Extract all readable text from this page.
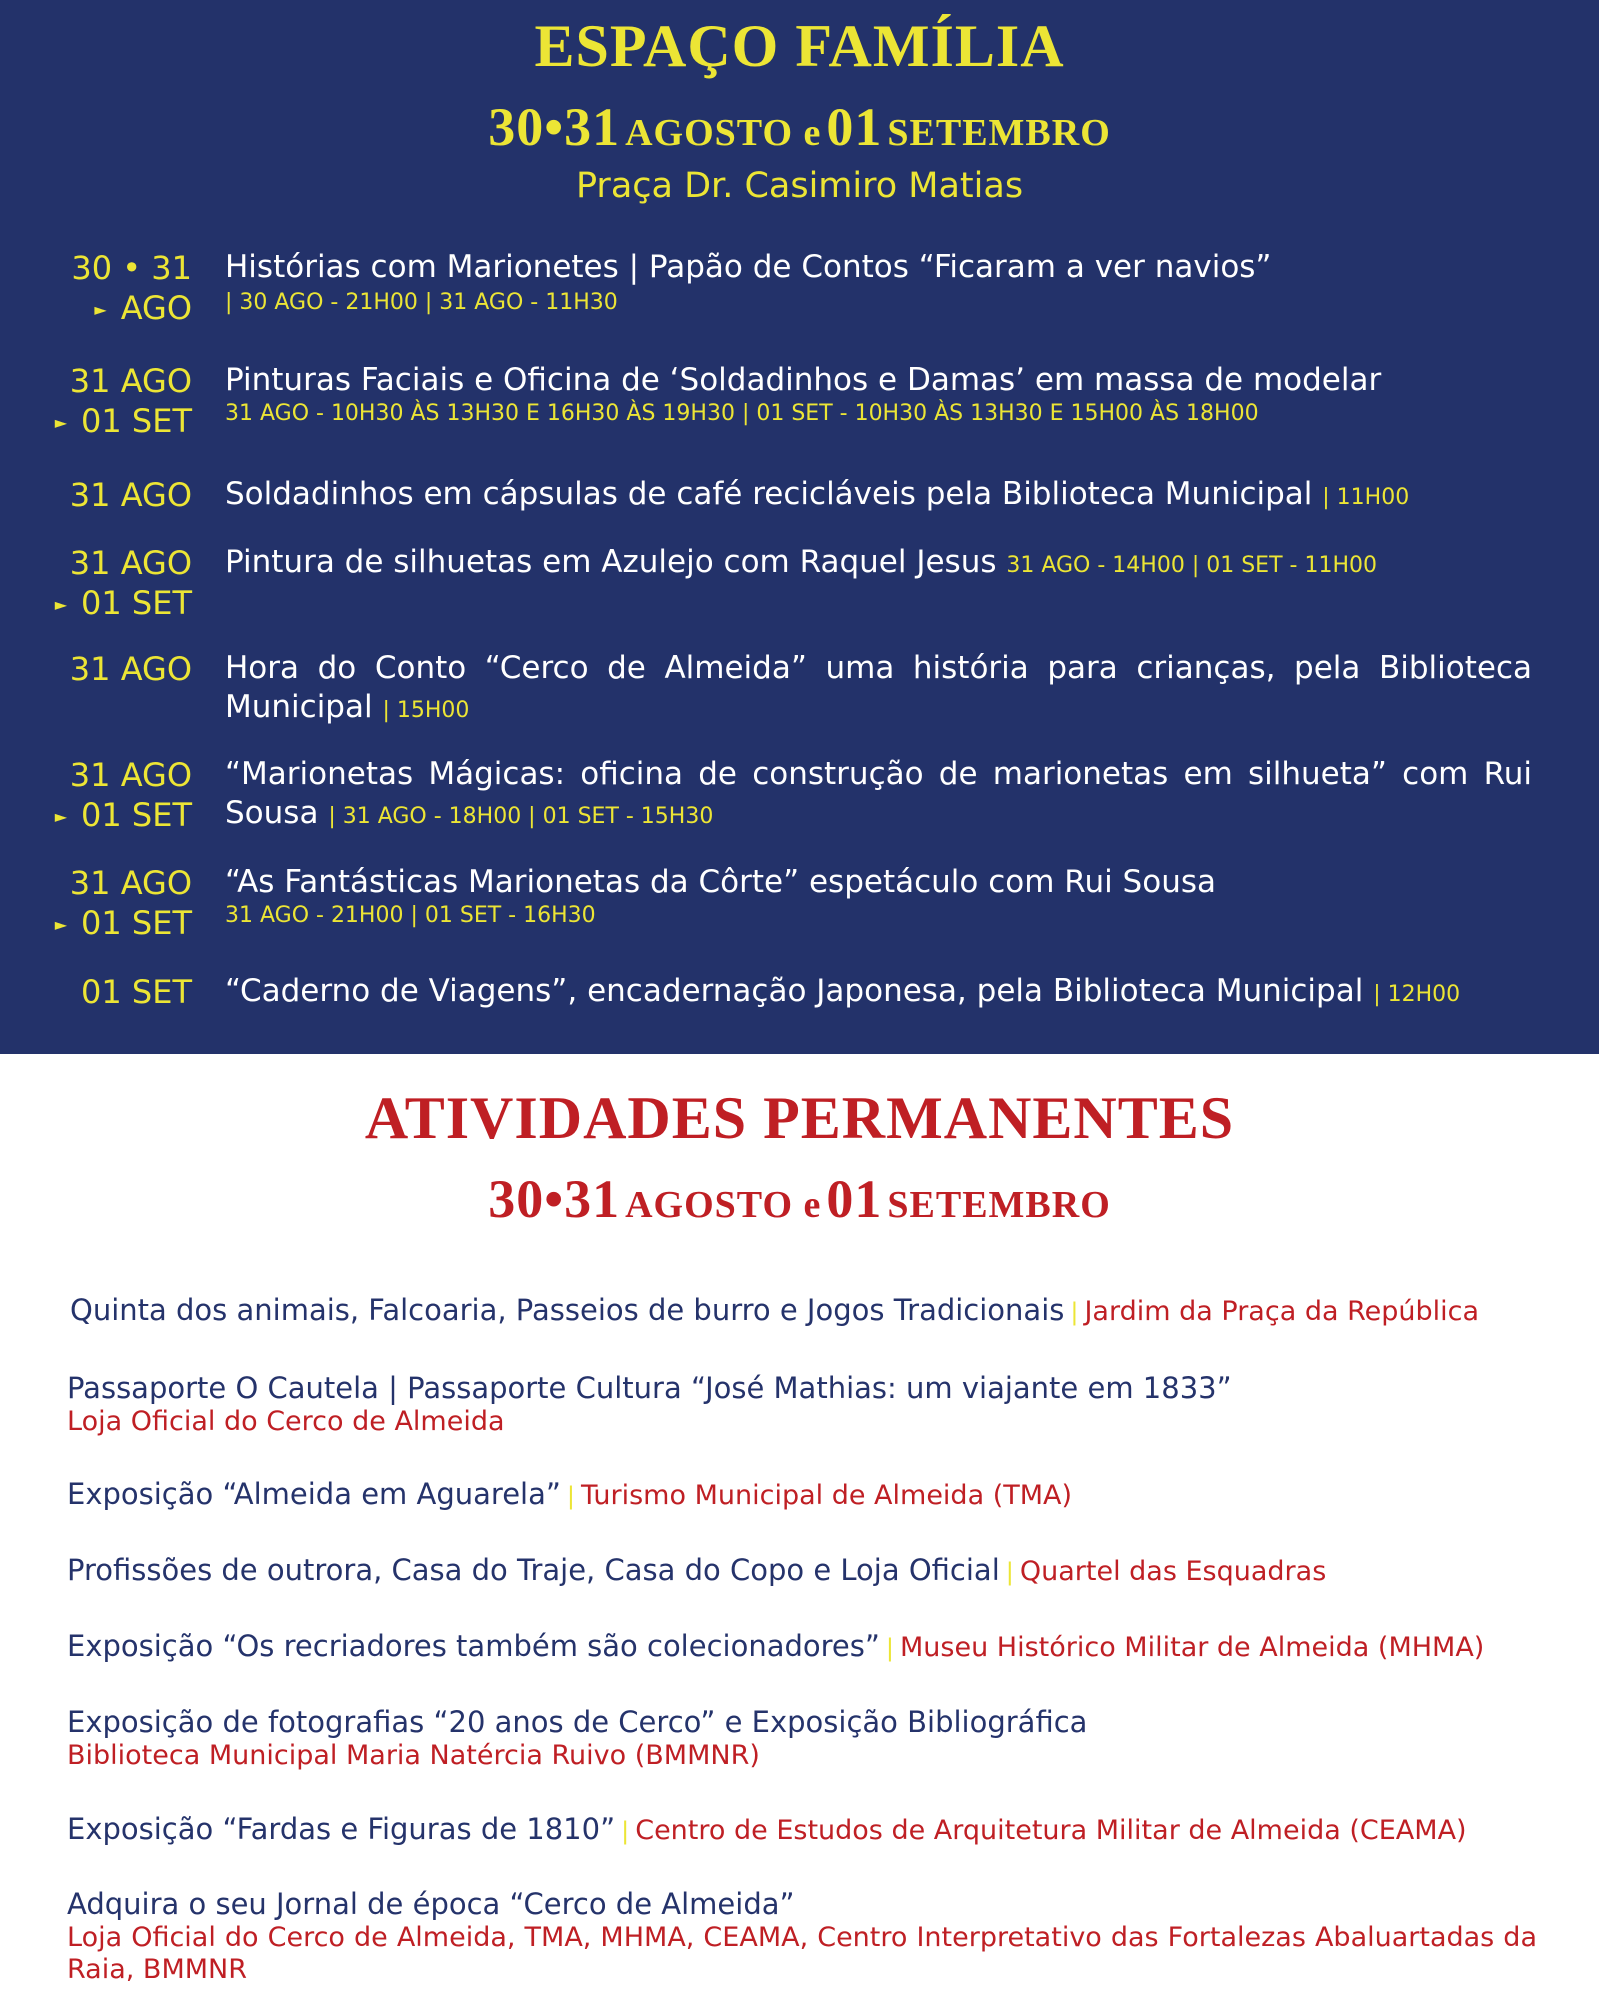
ESPAÇO FAMÍLIA
30•31 AGOSTO e 01 SETEMBRO
Praça Dr. Casimiro Matias
30 • 31
► AGO
Histórias com Marionetes | Papão de Contos “Ficaram a ver navios”
| 30 AGO - 21H00 | 31 AGO - 11H30
31 AGO
► 01 SET
Pinturas Faciais e Oficina de ‘Soldadinhos e Damas’ em massa de modelar
31 AGO - 10H30 ÀS 13H30 E 16H30 ÀS 19H30 | 01 SET - 10H30 ÀS 13H30 E 15H00 ÀS 18H00
31 AGO Soldadinhos em cápsulas de café recicláveis pela Biblioteca Municipal | 11H00
31 AGO
► 01 SET
Pintura de silhuetas em Azulejo com Raquel Jesus 31 AGO - 14H00 | 01 SET - 11H00
31 AGO Hora do Conto “Cerco de Almeida” uma história para crianças, pela Biblioteca Municipal | 15H00
31 AGO
► 01 SET
“Marionetas Mágicas: oficina de construção de marionetas em silhueta” com Rui Sousa | 31 AGO - 18H00 | 01 SET - 15H30
31 AGO
► 01 SET
“As Fantásticas Marionetas da Côrte” espetáculo com Rui Sousa
31 AGO - 21H00 | 01 SET - 16H30
01 SET “Caderno de Viagens”, encadernação Japonesa, pela Biblioteca Municipal | 12H00
ATIVIDADES PERMANENTES
30•31 AGOSTO e 01 SETEMBRO
Quinta dos animais, Falcoaria, Passeios de burro e Jogos Tradicionais | Jardim da Praça da República
Passaporte O Cautela | Passaporte Cultura “José Mathias: um viajante em 1833”
Loja Oficial do Cerco de Almeida
Exposição “Almeida em Aguarela” | Turismo Municipal de Almeida (TMA)
Profissões de outrora, Casa do Traje, Casa do Copo e Loja Oficial | Quartel das Esquadras
Exposição “Os recriadores também são colecionadores” | Museu Histórico Militar de Almeida (MHMA)
Exposição de fotografias “20 anos de Cerco” e Exposição Bibliográfica
Biblioteca Municipal Maria Natércia Ruivo (BMMNR)
Exposição “Fardas e Figuras de 1810” | Centro de Estudos de Arquitetura Militar de Almeida (CEAMA)
Adquira o seu Jornal de época “Cerco de Almeida”
Loja Oficial do Cerco de Almeida, TMA, MHMA, CEAMA, Centro Interpretativo das Fortalezas Abaluartadas da Raia, BMMNR
